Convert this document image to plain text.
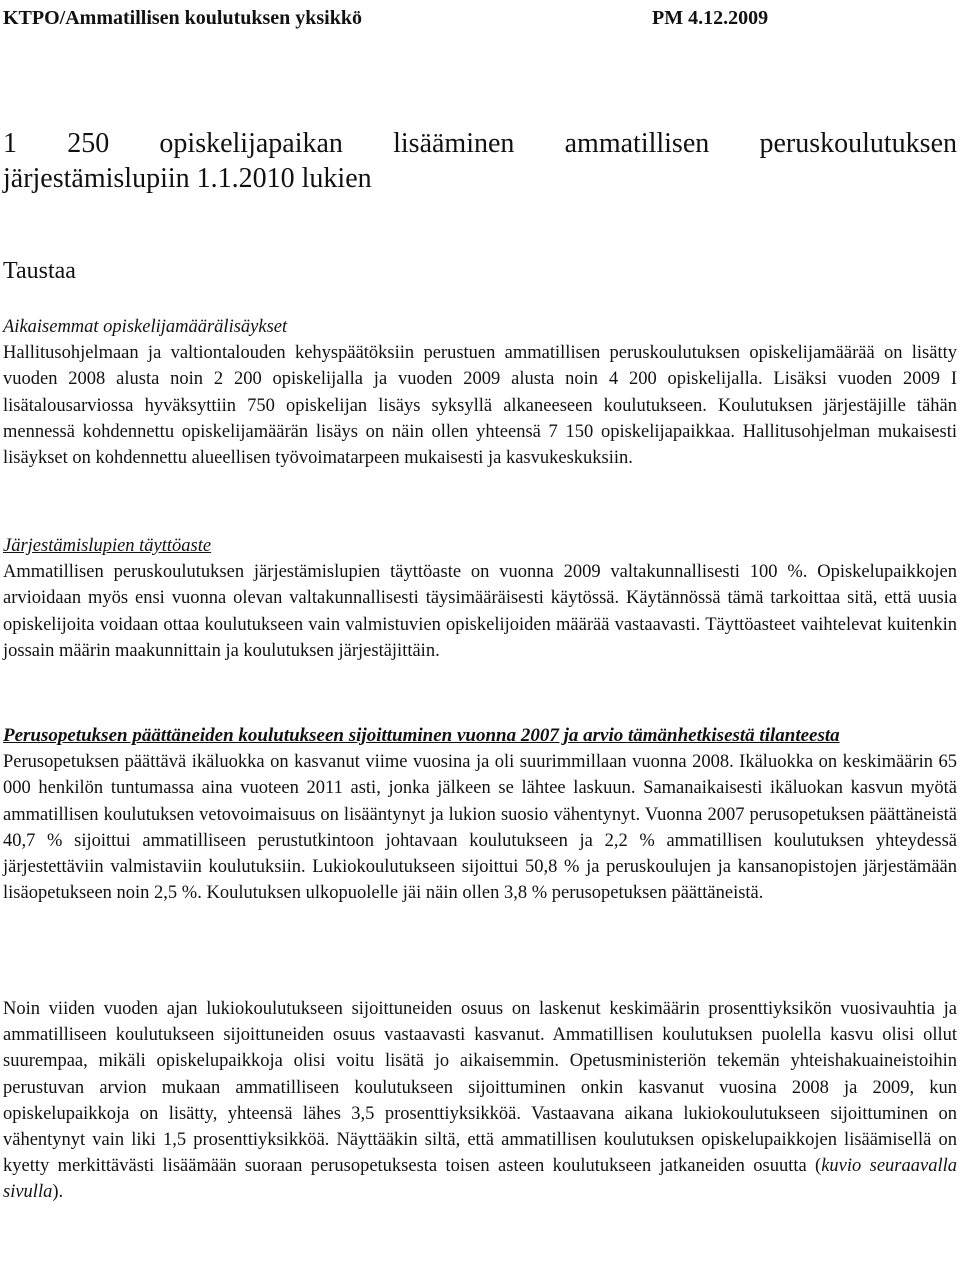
KTPO/Ammatillisen koulutuksen yksikkö	PM 4.12.2009
1 250 opiskelijapaikan lisääminen ammatillisen peruskoulutuksen
järjestämislupiin 1.1.2010 lukien
Taustaa
Aikaisemmat opiskelijamäärälisäykset

Hallitusohjelmaan ja valtiontalouden kehyspäätöksiin perustuen ammatillisen peruskoulutuksen opiskelijamäärää on lisätty vuoden 2008 alusta noin 2 200 opiskelijalla ja vuoden 2009 alusta noin 4 200 opiskelijalla. Lisäksi vuoden 2009 I lisätalousarviossa hyväksyttiin 750 opiskelijan lisäys syksyllä alkaneeseen koulutukseen. Koulutuksen järjestäjille tähän mennessä kohdennettu opiskelijamäärän lisäys on näin ollen yhteensä 7 150 opiskelijapaikkaa. Hallitusohjelman mukaisesti lisäykset on kohdennettu alueellisen työvoimatarpeen mukaisesti ja kasvukeskuksiin.

Järjestämislupien täyttöaste

Ammatillisen peruskoulutuksen järjestämislupien täyttöaste on vuonna 2009 valtakunnallisesti 100 %. Opiskelupaikkojen arvioidaan myös ensi vuonna olevan valtakunnallisesti täysimääräisesti käytössä. Käytännössä tämä tarkoittaa sitä, että uusia opiskelijoita voidaan ottaa koulutukseen vain valmistuvien opiskelijoiden määrää vastaavasti. Täyttöasteet vaihtelevat kuitenkin jossain määrin maakunnittain ja koulutuksen järjestäjittäin.

Perusopetuksen päättäneiden koulutukseen sijoittuminen vuonna 2007 ja arvio tämänhetkisestä tilanteesta

Perusopetuksen päättävä ikäluokka on kasvanut viime vuosina ja oli suurimmillaan vuonna 2008. Ikäluokka on keskimäärin 65 000 henkilön tuntumassa aina vuoteen 2011 asti, jonka jälkeen se lähtee laskuun. Samanaikaisesti ikäluokan kasvun myötä ammatillisen koulutuksen vetovoimaisuus on lisääntynyt ja lukion suosio vähentynyt. Vuonna 2007 perusopetuksen päättäneistä 40,7 % sijoittui ammatilliseen perustutkintoon johtavaan koulutukseen ja 2,2 % ammatillisen koulutuksen yhteydessä järjestettäviin valmistaviin koulutuksiin. Lukiokoulutukseen sijoittui 50,8 % ja peruskoulujen ja kansanopistojen järjestämään lisäopetukseen noin 2,5 %. Koulutuksen ulkopuolelle jäi näin ollen 3,8 % perusopetuksen päättäneistä.

Noin viiden vuoden ajan lukiokoulutukseen sijoittuneiden osuus on laskenut keskimäärin prosenttiyksikön vuosivauhtia ja ammatilliseen koulutukseen sijoittuneiden osuus vastaavasti kasvanut. Ammatillisen koulutuksen puolella kasvu olisi ollut suurempaa, mikäli opiskelupaikkoja olisi voitu lisätä jo aikaisemmin. Opetusministeriön tekemän yhteishakuaineistoihin perustuvan arvion mukaan ammatilliseen koulutukseen sijoittuminen onkin kasvanut vuosina 2008 ja 2009, kun opiskelupaikkoja on lisätty, yhteensä lähes 3,5 prosenttiyksikköä. Vastaavana aikana lukiokoulutukseen sijoittuminen on vähentynyt vain liki 1,5 prosenttiyksikköä. Näyttääkin siltä, että ammatillisen koulutuksen opiskelupaikkojen lisäämisellä on kyetty merkittävästi lisäämään suoraan perusopetuksesta toisen asteen koulutukseen jatkaneiden osuutta (kuvio seuraavalla sivulla).
